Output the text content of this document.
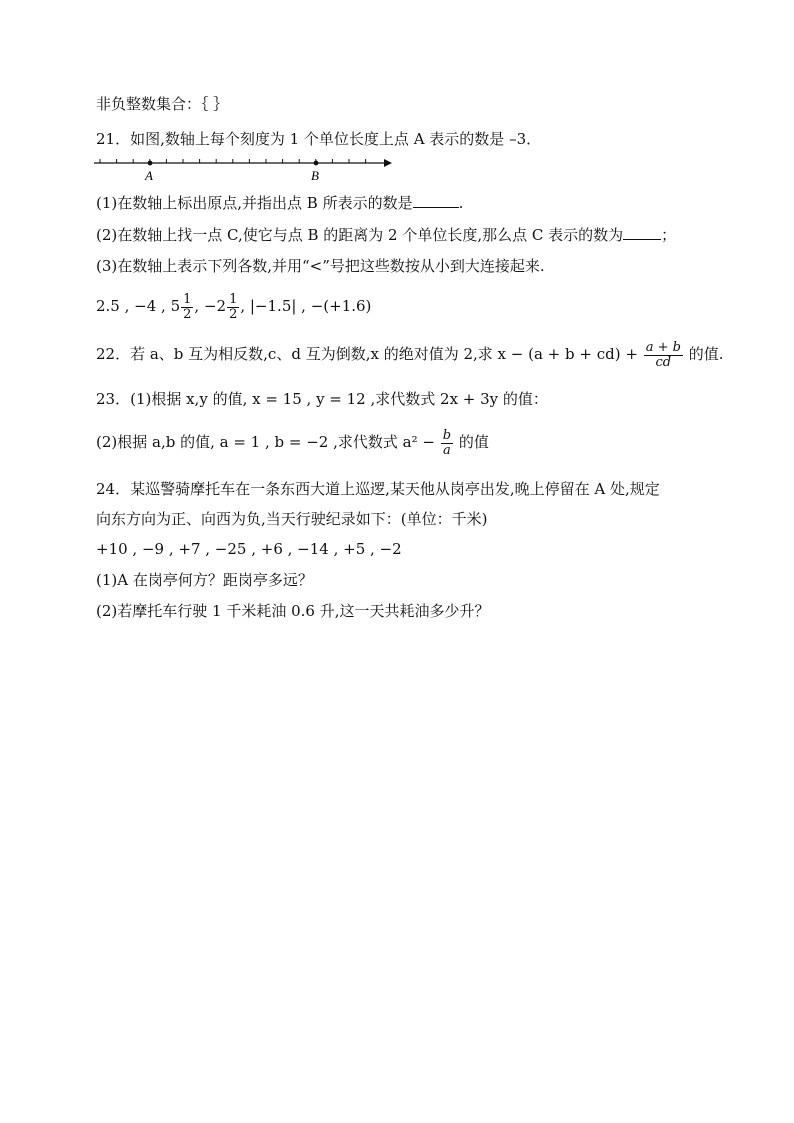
非负整数集合：｛ ｝
21．如图,数轴上每个刻度为 1 个单位长度上点 A 表示的数是 –3．
A	B
(1)在数轴上标出原点,并指出点 B 所表示的数是	.
(2)在数轴上找一点 C,使它与点 B 的距离为 2 个单位长度,那么点 C 表示的数为	；
(3)在数轴上表示下列各数,并用“<”号把这些数按从小到大连接起来.
2.5 , −4 , $5 \frac{1}{2}$ , $-2 \frac{1}{2}$ , |−1.5| , −(+1.6)
22．若 a、b 互为相反数,c、d 互为倒数,x 的绝对值为 2,求 $x - (a + b + cd) + \frac{a + b}{cd}$ 的值.
23．(1)根据 x,y 的值, x = 15 , y = 12 ,求代数式 2x + 3y 的值：
(2)根据 a,b 的值, a = 1 , b = −2 ,求代数式 $a^2 - \frac{b}{a}$ 的值
24．某巡警骑摩托车在一条东西大道上巡逻,某天他从岗亭出发,晚上停留在 A 处,规定
向东方向为正、向西为负,当天行驶纪录如下：(单位：千米)
+10 , −9 , +7 , −25 , +6 , −14 , +5 , −2
(1)A 在岗亭何方？距岗亭多远？
(2)若摩托车行驶 1 千米耗油 0.6 升,这一天共耗油多少升？
